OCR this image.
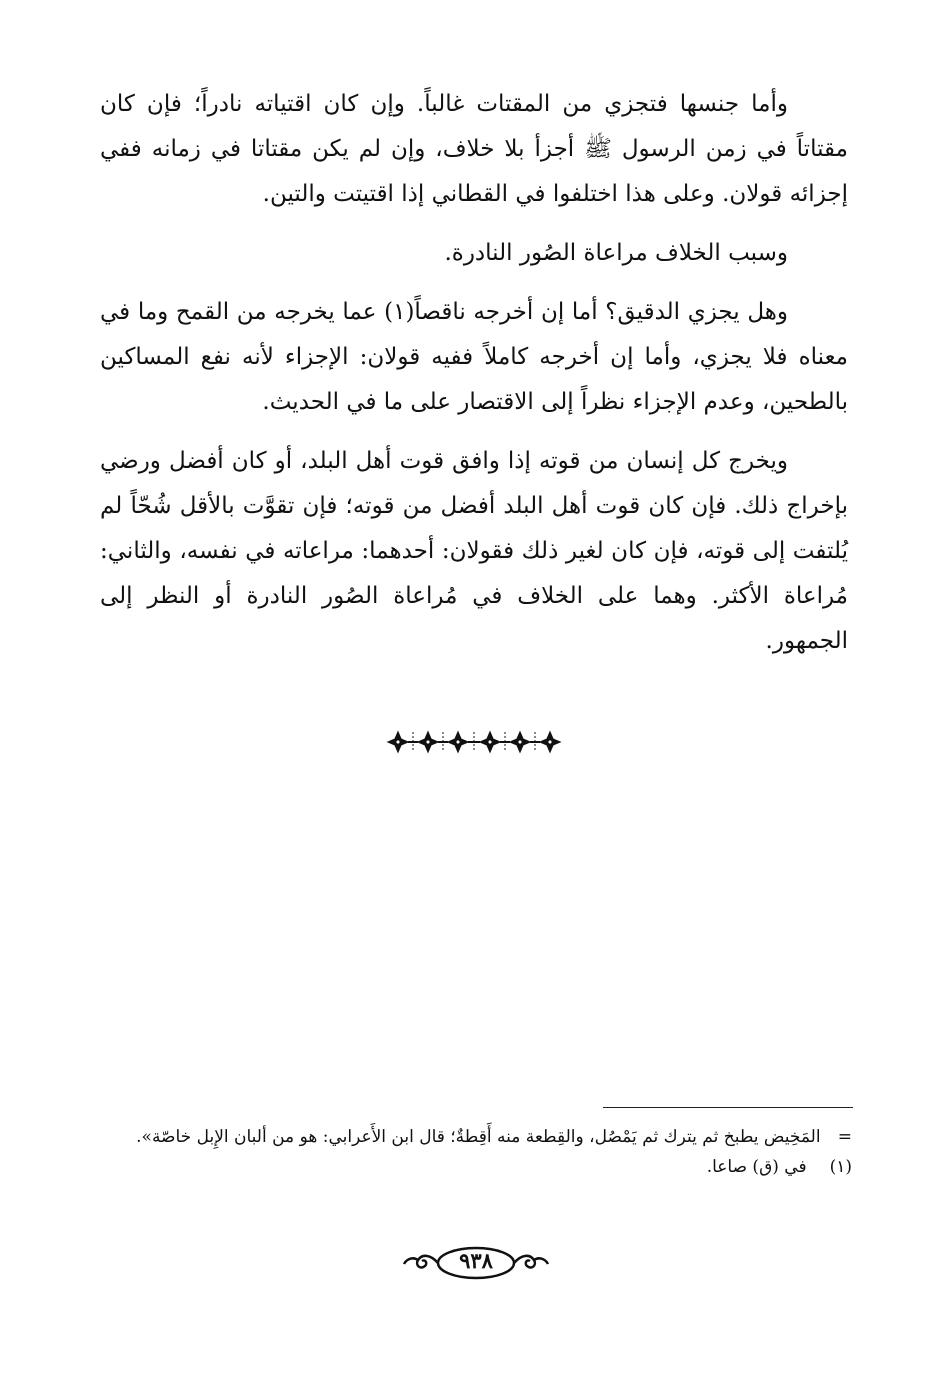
وأما جنسها فتجزي من المقتات غالباً. وإن كان اقتياته نادراً؛ فإن كان مقتاتاً في زمن الرسول ﷺ أجزأ بلا خلاف، وإن لم يكن مقتاتا في زمانه ففي إجزائه قولان. وعلى هذا اختلفوا في القطاني إذا اقتيتت والتين.

وسبب الخلاف مراعاة الصُور النادرة.

وهل يجزي الدقيق؟ أما إن أخرجه ناقصاً(١) عما يخرجه من القمح وما في معناه فلا يجزي، وأما إن أخرجه كاملاً ففيه قولان: الإجزاء لأنه نفع المساكين بالطحين، وعدم الإجزاء نظراً إلى الاقتصار على ما في الحديث.

ويخرج كل إنسان من قوته إذا وافق قوت أهل البلد، أو كان أفضل ورضي بإخراج ذلك. فإن كان قوت أهل البلد أفضل من قوته؛ فإن تقوَّت بالأقل شُحّاً لم يُلتفت إلى قوته، فإن كان لغير ذلك فقولان: أحدهما: مراعاته في نفسه، والثاني: مُراعاة الأكثر. وهما على الخلاف في مُراعاة الصُور النادرة أو النظر إلى الجمهور.

= المَخِيض يطبخ ثم يترك ثم يَمْصُل، والقِطعة منه أَقِطةٌ؛ قال ابن الأَعرابي: هو من ألبان الإِبل خاصّة».

(١) في (ق) صاعا.

٩٣٨
